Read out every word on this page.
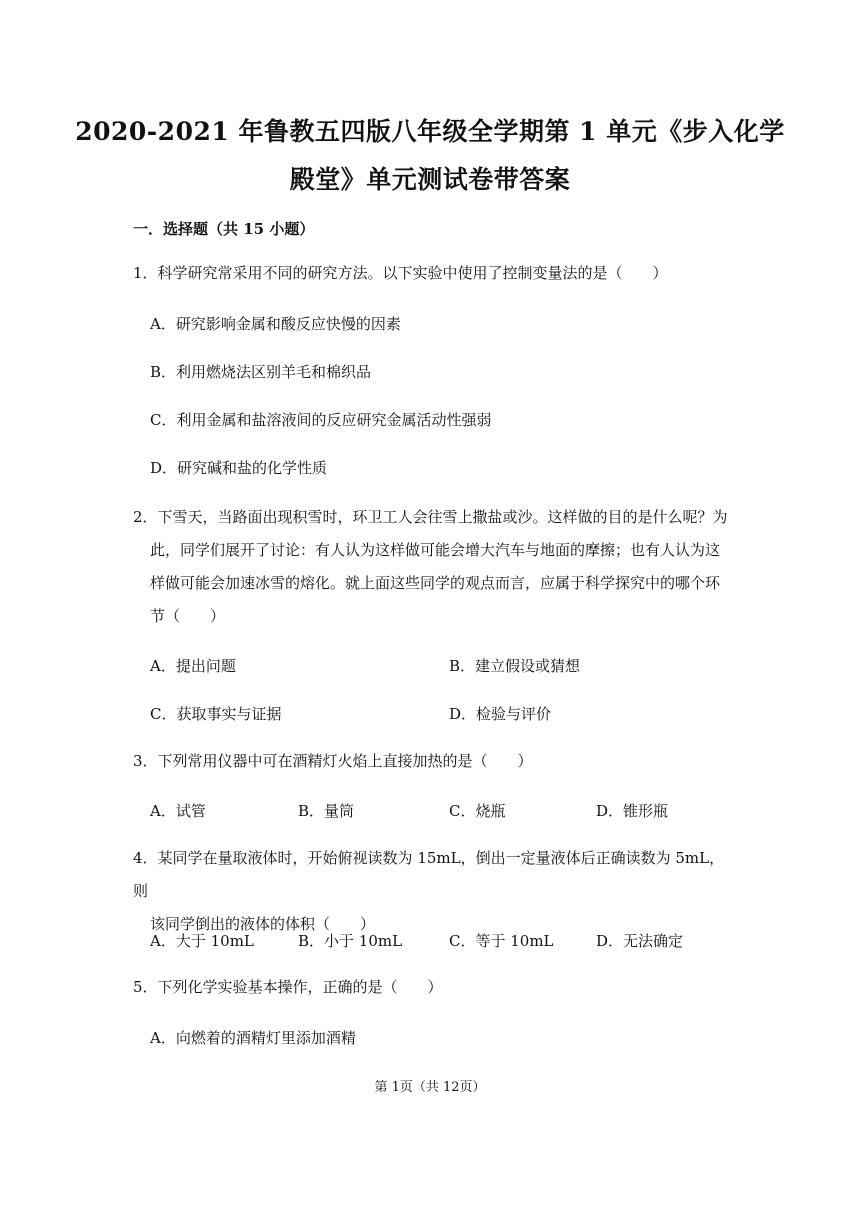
2020-2021 年鲁教五四版八年级全学期第 1 单元《步入化学
殿堂》单元测试卷带答案
一．选择题（共 15 小题）
1．科学研究常采用不同的研究方法。以下实验中使用了控制变量法的是（　　）
A．研究影响金属和酸反应快慢的因素
B．利用燃烧法区别羊毛和棉织品
C．利用金属和盐溶液间的反应研究金属活动性强弱
D．研究碱和盐的化学性质
2．下雪天，当路面出现积雪时，环卫工人会往雪上撒盐或沙。这样做的目的是什么呢？为
此，同学们展开了讨论：有人认为这样做可能会增大汽车与地面的摩擦；也有人认为这
样做可能会加速冰雪的熔化。就上面这些同学的观点而言，应属于科学探究中的哪个环
节（　　）
A．提出问题	B．建立假设或猜想
C．获取事实与证据	D．检验与评价
3．下列常用仪器中可在酒精灯火焰上直接加热的是（　　）
A．试管	B．量筒	C．烧瓶	D．锥形瓶
4．某同学在量取液体时，开始俯视读数为 15mL，倒出一定量液体后正确读数为 5mL，则
该同学倒出的液体的体积（　　）
A．大于 10mL	B．小于 10mL	C．等于 10mL	D．无法确定
5．下列化学实验基本操作，正确的是（　　）
A．向燃着的酒精灯里添加酒精
第 1页（共 12页）
